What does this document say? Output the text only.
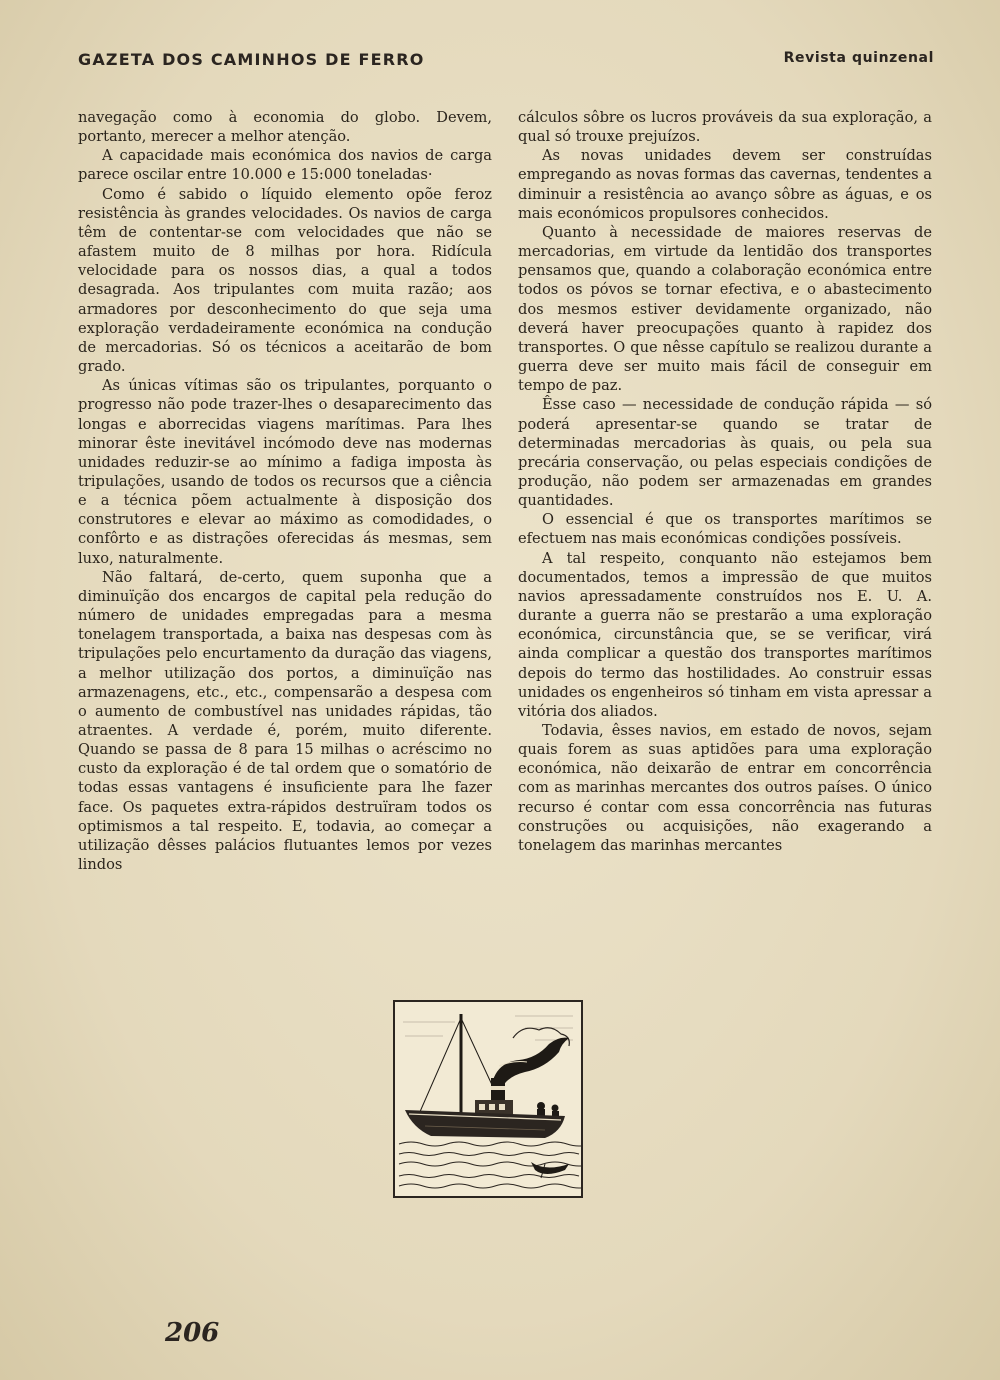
GAZETA DOS CAMINHOS DE FERRO	Revista quinzenal

navegação como à economia do globo. Devem, portanto, merecer a melhor atenção.

A capacidade mais económica dos navios de carga parece oscilar entre 10.000 e 15:000 toneladas·

Como é sabido o líquido elemento opõe feroz resistência às grandes velocidades. Os navios de carga têm de contentar-se com velocidades que não se afastem muito de 8 milhas por hora. Ridícula velocidade para os nossos dias, a qual a todos desagrada. Aos tripulantes com muita razão; aos armadores por desconhecimento do que seja uma exploração verdadeiramente económica na condução de mercadorias. Só os técnicos a aceitarão de bom grado.

As únicas vítimas são os tripulantes, porquanto o progresso não pode trazer-lhes o desaparecimento das longas e aborrecidas viagens marítimas. Para lhes minorar êste inevitável incómodo deve nas modernas unidades reduzir-se ao mínimo a fadiga imposta às tripulações, usando de todos os recursos que a ciência e a técnica põem actualmente à disposição dos construtores e elevar ao máximo as comodidades, o confôrto e as distrações oferecidas ás mesmas, sem luxo, naturalmente.

Não faltará, de-certo, quem suponha que a diminuïção dos encargos de capital pela redução do número de unidades empregadas para a mesma tonelagem transportada, a baixa nas despesas com às tripulações pelo encurtamento da duração das viagens, a melhor utilização dos portos, a diminuïção nas armazenagens, etc., etc., compensarão a despesa com o aumento de combustível nas unidades rápidas, tão atraentes. A verdade é, porém, muito diferente. Quando se passa de 8 para 15 milhas o acréscimo no custo da exploração é de tal ordem que o somatório de todas essas vantagens é insuficiente para lhe fazer face. Os paquetes extra-rápidos destruïram todos os optimismos a tal respeito. E, todavia, ao começar a utilização dêsses palácios flutuantes lemos por vezes lindos

cálculos sôbre os lucros prováveis da sua exploração, a qual só trouxe prejuízos.

As novas unidades devem ser construídas empregando as novas formas das cavernas, tendentes a diminuir a resistência ao avanço sôbre as águas, e os mais económicos propulsores conhecidos.

Quanto à necessidade de maiores reservas de mercadorias, em virtude da lentidão dos transportes pensamos que, quando a colaboração económica entre todos os póvos se tornar efectiva, e o abastecimento dos mesmos estiver devidamente organizado, não deverá haver preocupações quanto à rapidez dos transportes. O que nêsse capítulo se realizou durante a guerra deve ser muito mais fácil de conseguir em tempo de paz.

Êsse caso — necessidade de condução rápida — só poderá apresentar-se quando se tratar de determinadas mercadorias às quais, ou pela sua precária conservação, ou pelas especiais condições de produção, não podem ser armazenadas em grandes quantidades.

O essencial é que os transportes marítimos se efectuem nas mais económicas condições possíveis.

A tal respeito, conquanto não estejamos bem documentados, temos a impressão de que muitos navios apressadamente construídos nos E. U. A. durante a guerra não se prestarão a uma exploração económica, circunstância que, se se verificar, virá ainda complicar a questão dos transportes marítimos depois do termo das hostilidades. Ao construir essas unidades os engenheiros só tinham em vista apressar a vitória dos aliados.

Todavia, êsses navios, em estado de novos, sejam quais forem as suas aptidões para uma exploração económica, não deixarão de entrar em concorrência com as marinhas mercantes dos outros países. O único recurso é contar com essa concorrência nas futuras construções ou acquisições, não exagerando a tonelagem das marinhas mercantes

206
